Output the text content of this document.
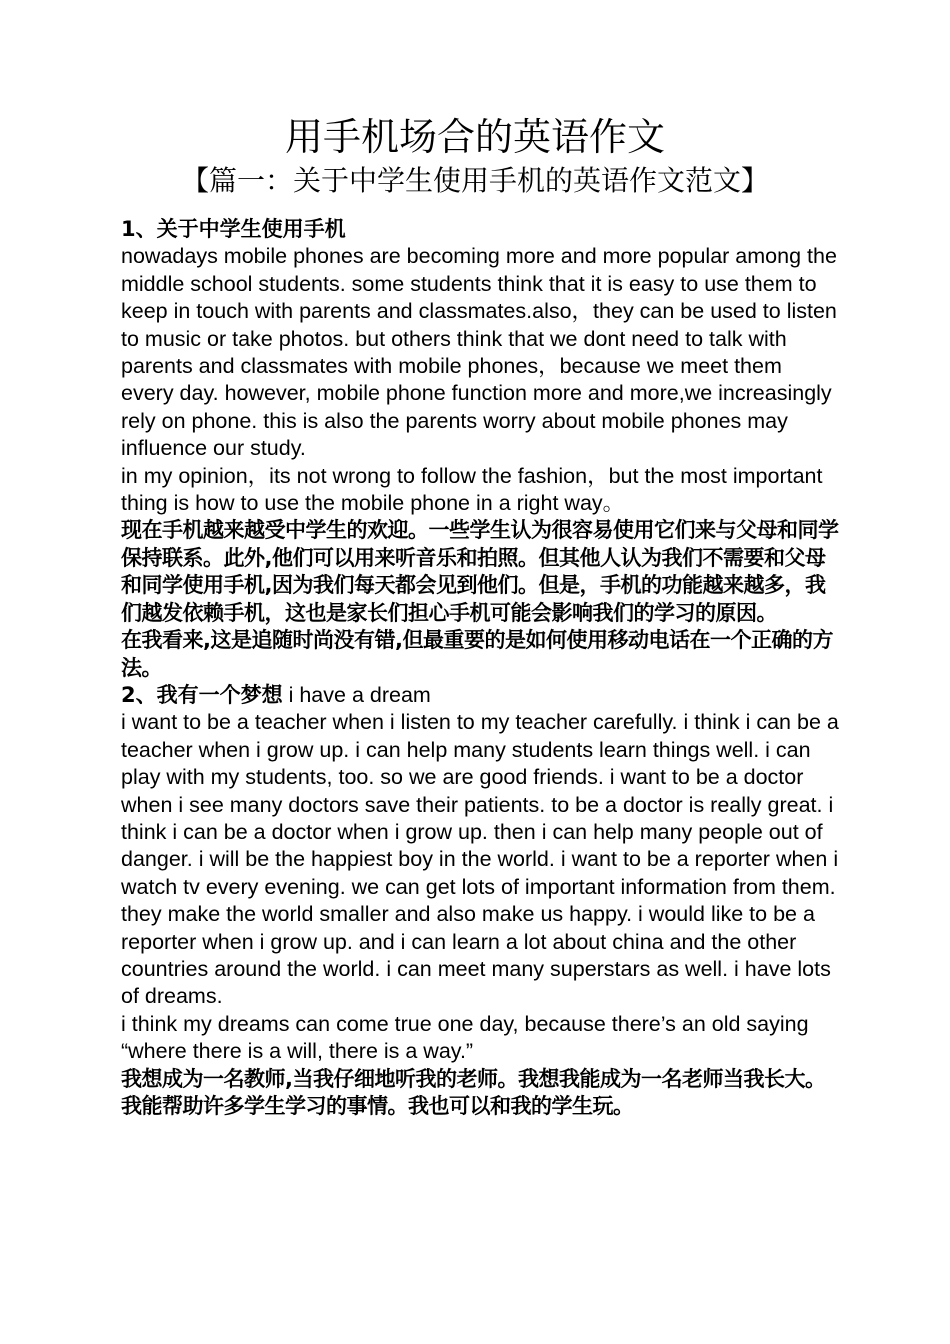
用手机场合的英语作文
【篇一：关于中学生使用手机的英语作文范文】

1、关于中学生使用手机

nowadays mobile phones are becoming more and more popular among the middle school students. some students think that it is easy to use them to keep in touch with parents and classmates.also，they can be used to listen to music or take photos. but others think that we dont need to talk with parents and classmates with mobile phones，because we meet them every day. however, mobile phone function more and more,we increasingly rely on phone. this is also the parents worry about mobile phones may influence our study.

in my opinion，its not wrong to follow the fashion，but the most important thing is how to use the mobile phone in a right way。

现在手机越来越受中学生的欢迎。一些学生认为很容易使用它们来与父母和同学保持联系。此外,他们可以用来听音乐和拍照。但其他人认为我们不需要和父母和同学使用手机,因为我们每天都会见到他们。但是，手机的功能越来越多，我们越发依赖手机，这也是家长们担心手机可能会影响我们的学习的原因。

在我看来,这是追随时尚没有错,但最重要的是如何使用移动电话在一个正确的方法。

2、我有一个梦想 i have a dream

i want to be a teacher when i listen to my teacher carefully. i think i can be a teacher when i grow up. i can help many students learn things well. i can play with my students, too. so we are good friends. i want to be a doctor when i see many doctors save their patients. to be a doctor is really great. i think i can be a doctor when i grow up. then i can help many people out of danger. i will be the happiest boy in the world. i want to be a reporter when i watch tv every evening. we can get lots of important information from them. they make the world smaller and also make us happy. i would like to be a reporter when i grow up. and i can learn a lot about china and the other countries around the world. i can meet many superstars as well. i have lots of dreams.

i think my dreams can come true one day, because there’s an old saying “where there is a will, there is a way.”

我想成为一名教师,当我仔细地听我的老师。我想我能成为一名老师当我长大。我能帮助许多学生学习的事情。我也可以和我的学生玩。
